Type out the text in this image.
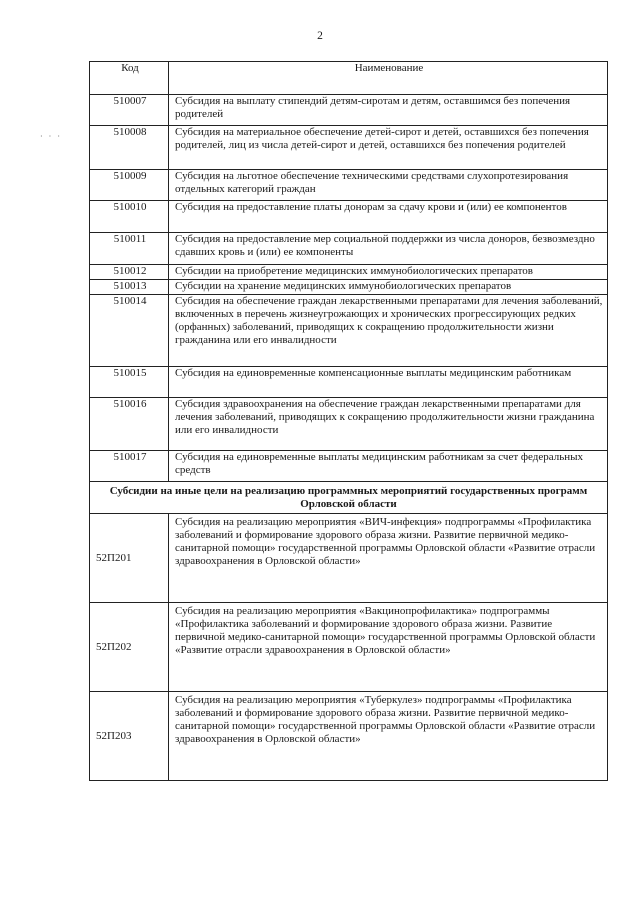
2
· · ·
Код	Наименование
510007	Субсидия на выплату стипендий детям-сиротам и детям, оставшимся без попечения родителей
510008	Субсидия на материальное обеспечение детей-сирот и детей, оставшихся без попечения родителей, лиц из числа детей-сирот и детей, оставшихся без попечения родителей
510009	Субсидия на льготное обеспечение техническими средствами слухопротезирования отдельных категорий граждан
510010	Субсидия на предоставление платы донорам за сдачу крови и (или) ее компонентов
510011	Субсидия на предоставление мер социальной поддержки из числа доноров, безвозмездно сдавших кровь и (или) ее компоненты
510012	Субсидии на приобретение медицинских иммунобиологических препаратов
510013	Субсидии на хранение медицинских иммунобиологических препаратов
510014	Субсидия на обеспечение граждан лекарственными препаратами для лечения заболеваний, включенных в перечень жизнеугрожающих и хронических прогрессирующих редких (орфанных) заболеваний, приводящих к сокращению продолжительности жизни гражданина или его инвалидности
510015	Субсидия на единовременные компенсационные выплаты медицинским работникам
510016	Субсидия здравоохранения на обеспечение граждан лекарственными препаратами для лечения заболеваний, приводящих к сокращению продолжительности жизни гражданина или его инвалидности
510017	Субсидия на единовременные выплаты медицинским работникам за счет федеральных средств
Субсидии на иные цели на реализацию программных мероприятий государственных программ Орловской области	
52П201	Субсидия на реализацию мероприятия «ВИЧ-инфекция» подпрограммы «Профилактика заболеваний и формирование здорового образа жизни. Развитие первичной медико-санитарной помощи» государственной программы Орловской области «Развитие отрасли здравоохранения в Орловской области»
52П202	Субсидия на реализацию мероприятия «Вакцинопрофилактика» подпрограммы «Профилактика заболеваний и формирование здорового образа жизни. Развитие первичной медико-санитарной помощи» государственной программы Орловской области «Развитие отрасли здравоохранения в Орловской области»
52П203	Субсидия на реализацию мероприятия «Туберкулез» подпрограммы «Профилактика заболеваний и формирование здорового образа жизни. Развитие первичной медико-санитарной помощи» государственной программы Орловской области «Развитие отрасли здравоохранения в Орловской области»
